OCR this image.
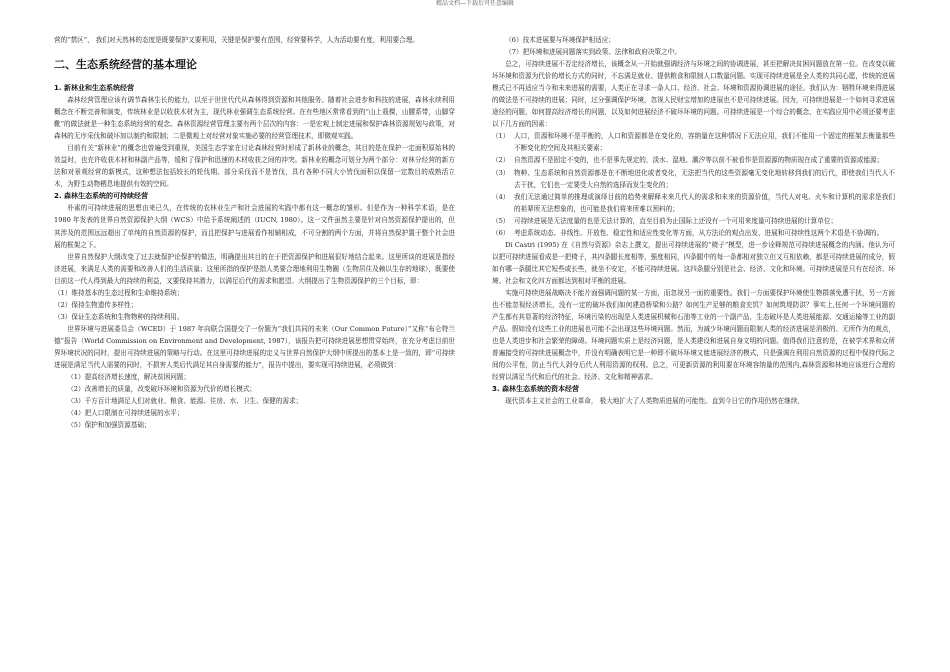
精品文档---下载后可任意编辑

营的“禁区”， 我们对天然林的态度是既要保护又要利用，关键是保护要有范围，经营要科学，人为活动要有度，利用要合理。

二、生态系统经营的基本理论
1. 新林业和生态系统经营

森林经营管理应该有调节森林生长的能力，以至于世世代代从森林得到资源和其他服务。随着社会进步和科技的进展，森林永续利用概念在不断完善和演变，传统林业是以收获木材为主，现代林业强调生态系统经营。在有些地区常常看到的“山上栽棵，山腰系带，山脚穿靴”的做法就是一种生态系统经营的观念。森林资源经营管理主要有两个层次的内容：一是宏观上制定进展和保护森林资源规划与政策，对森林的无序采伐和破坏加以制约和限制；二是微观上对经营对象实施必要的经营管理技术，即微观实践。

目前有关“新林业”的概念也曾遍受到重视，美国生态学家在讨论森林经营时形成了新林业的概念，其目的是在保护一定面积原始林的效益时，也充许收获木材和林副产品等，缓和了保护和迅速的木材收获之间的冲突。新林业的概念可划分为两个部分：对林分经营的新方法和对景观经营的新模式，这种想法包括较长的轮伐期、部分采伐而不是皆伐，具有各种不同大小皆伐面积以保留一定数目的成熟活立木，为野生动物栖息地提供有效的空间。

2. 森林生态系统的可持续经营

朴素的可持续进展的思想由来已久，在传统的农林业生产和社会进展的实践中都有这一概念的雏形。但是作为一种科学术语，是在 1980 年发表的世界自然资源保护大纲（WCS）中给予系统阐述的（IUCN, 1980）。这一文件虽然主要是针对自然资源保护提出的，但其涉及的范围远远超出了单纯的自然资源的保护，而且把保护与进展看作相辅相成，不可分割的两个方面，并将自然保护置于整个社会进展的框架之下。

世界自然保护大纲改变了过去就保护论保护的做法，明确提出其目的在于把资源保护和进展很好地结合起来。这里所谈的进展是指经济进展，来满足人类的需要和改善人们的生活质量；这里所指的保护是指人类要合理地利用生物圈（生物居住及赖以生存的地球），既要使目前这一代人得到最大的持续的利益，又要保持其潜力，以满足后代的需求和愿望。大纲提出了生物资源保护的三个目标，即：

（1）维持基本的生态过程和生命维持系统；

（2）保持生物遗传多样性；

（3）保证生态系统和生物物种的持续利用。

世界环境与进展委员会（WCED）于 1987 年向联合国提交了一份题为“我们共同的未来（Our Common Future）”又称“布仑特兰德”报告（World Commission on Environment and Development, 1987），该报告把可持续进展思想贯穿始终，在充分考虑目前世界环境状况的同时，提出可持续进展的策略与行动。在这里可持续进展的定义与世界自然保护大纲中所提出的基本上是一致的，即“可持续进展是满足当代人需要的同时，不损害人类后代满足其自身需要的能力”，报告中提出，要实现可持续进展，必须做到：

（1）提高经济增长速度，解决贫困问题；

（2）改善增长的质量，改变破坏环境和资源为代价的增长模式；

（3）千方百计地满足人们对就业、粮食、能源、住房、水、卫生、保健的需求；

（4）把人口限制在可持续进展的水平；

（5）保护和加强资源基础；

（6）技术进展要与环境保护相适应；

（7）把环境和进展问题落实到政策、法律和政府决策之中。

总之，可持续进展不否定经济增长，该概念从一开始就强调经济与环境之间的协调进展，甚至把解决贫困问题放在第一位。在改变以破坏环境和资源为代价的增长方式的同时，不忘满足就业、提供粮食和限制人口数量问题。实现可持续进展是全人类的共同心愿，传统的进展模式已不再适应当今和未来进展的需要，人类正在寻求一条人口、经济、社会、环境和资源协调进展的途径。我们认为：牺牲环境来得进展的做法是不可持续的进展；同时，过分强调保护环境，忽视人民财宝增加的进展也不是可持续进展。因为，可持续进展是一个如何寻求进展途径的问题，如何提高经济增长的问题，以及如何进展经济不破坏环境的问题。可持续进展是一个综合的概念，在实践应用中必须还要考虑以下几方面的因素：

（1） 人口，资源和环境不是平衡的，人口和资源都是在变化的，容纳量在这种情况下无法应用，我们不能用一个固定的框架去衡量那些不断变化的空间及其相关要素；
（2） 自然资源不是固定不变的，也不是事先规定的，淡水、湿地、潮汐等以前不被看作是资源源的物质现在成了重要的资源或能源；
（3） 物种、生态系统和自然资源都是在不断地进化或者变化，无法把当代的这些资源毫无变化地转移到我们的后代，即使我们当代人不去干扰，它们也一定要受大自然的选择而发生变化的；
（4） 我们无法通过简单的推理或演绎目前的趋势来解释未来几代人的需求和未来的资源价值，当代人对电、火车和计算机的需求是我们的祖辈所无法想象的，也可能是我们将来所难以预料的；
（5） 可持续进展是无法度量的也是无法计算的，直至目前为止国际上还没有一个可用来度量可持续进展的计算单位；
（6） 考虑系统动态、非线性、开放性、稳定性和适应性变化等方面，从方法论的观点出发，进展和可持续性这两个术语是不协调的。

Di Castri (1995) 在《自然与资源》杂志上撰文，提出可持续进展的“椅子”模型，进一步诠释规范可持续进展概念的内涵。他认为可以把可持续进展看成是一把椅子，其四条腿长度相等，强度相同，四条腿中的每一条都相对独立但又互相依赖，都是可持续进展的成分，假如有哪一条腿比其它短些或长些，就坐不安定，不能可持续进展。这四条腿分别是社会、经济、文化和环境。可持续进展是只有在经济、环境、社会和文化四方面都达到相对平衡的进展。

实施可持续进展战略决不能片面强调问题的某一方面，而忽视另一面的重要性。我们一方面要保护环境使生物群落免遭干扰，另一方面也不能忽视经济增长，没有一定的破坏我们如何建造桥梁和公路？如何生产足够的粮食充饥？如何筑堤防洪？事实上,任何一个环境问题的产生都有其显著的经济特征，环境污染的出现是人类进展机械和石油等工业的一个副产品，生态破坏是人类进展能源、交通运输等工业的副产品。假如没有这些工业的进展也可能不会出现这些环境问题。然而，为减少环境问题而限制人类的经济进展是消极的、无所作为的观点，也是人类进步和社会繁荣的障碍。环境问题实质上是经济问题，是人类建设和进展自身文明的问题。值得我们注意的是，在被学术界和众所普遍接受的可持续进展概念中，并没有明确表明它是一种即不破坏环境又能进展经济的模式，只是强调在利用自然资源的过程中保持代际之间的公平性，防止当代人剥夺后代人利用资源的权利。总之，可更新资源的利用要在环境容纳量的范围内,森林资源和林地应该进行合理的经营以满足当代和后代的社会、经济、文化和精神需求。

3. 森林生态系统的资本经营

现代资本主义社会的工业革命， 极大地扩大了人类物质进展的可能性。直到今日它的作用仍然在继续,
